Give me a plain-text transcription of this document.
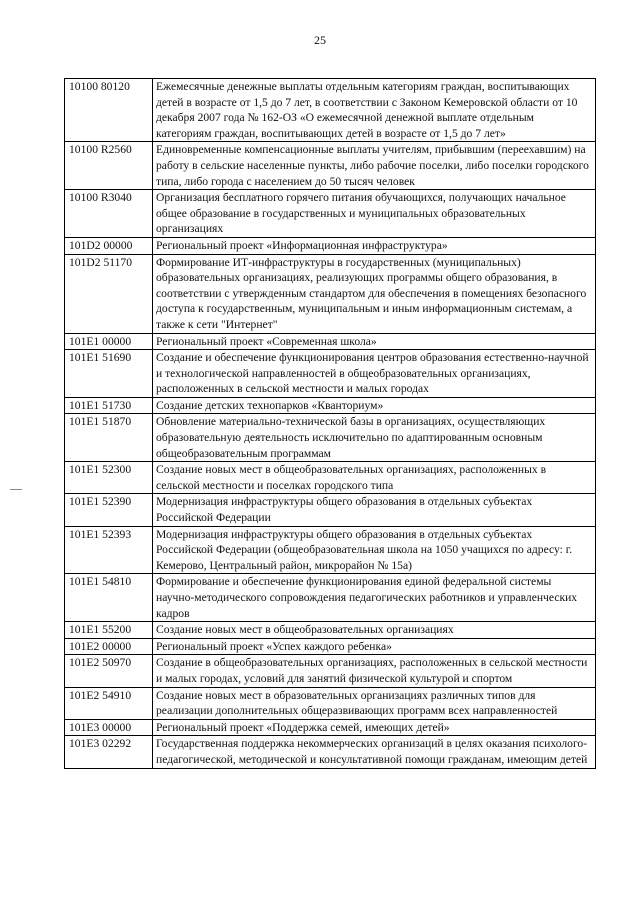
25
10100 80120	Ежемесячные денежные выплаты отдельным категориям граждан, воспитывающих детей в возрасте от 1,5 до 7 лет, в соответствии с Законом Кемеровской области от 10 декабря 2007 года № 162-ОЗ «О ежемесячной денежной выплате отдельным категориям граждан, воспитывающих детей в возрасте от 1,5 до 7 лет»
10100 R2560	Единовременные компенсационные выплаты учителям, прибывшим (переехавшим) на работу в сельские населенные пункты, либо рабочие поселки, либо поселки городского типа, либо города с населением до 50 тысяч человек
10100 R3040	Организация бесплатного горячего питания обучающихся, получающих начальное общее образование в государственных и муниципальных образовательных организациях
101D2 00000	Региональный проект «Информационная инфраструктура»
101D2 51170	Формирование ИТ-инфраструктуры в государственных (муниципальных) образовательных организациях, реализующих программы общего образования, в соответствии с утвержденным стандартом для обеспечения в помещениях безопасного доступа к государственным, муниципальным и иным информационным системам, а также к сети "Интернет"
101E1 00000	Региональный проект «Современная школа»
101E1 51690	Создание и обеспечение функционирования центров образования естественно-научной и технологической направленностей в общеобразовательных организациях, расположенных в сельской местности и малых городах
101E1 51730	Создание детских технопарков «Кванториум»
101E1 51870	Обновление материально-технической базы в организациях, осуществляющих образовательную деятельность исключительно по адаптированным основным общеобразовательным программам
101E1 52300	Создание новых мест в общеобразовательных организациях, расположенных в сельской местности и поселках городского типа
101E1 52390	Модернизация инфраструктуры общего образования в отдельных субъектах Российской Федерации
101E1 52393	Модернизация инфраструктуры общего образования в отдельных субъектах Российской Федерации (общеобразовательная школа на 1050 учащихся по адресу: г. Кемерово, Центральный район, микрорайон № 15а)
101E1 54810	Формирование и обеспечение функционирования единой федеральной системы научно-методического сопровождения педагогических работников и управленческих кадров
101E1 55200	Создание новых мест в общеобразовательных организациях
101E2 00000	Региональный проект «Успех каждого ребенка»
101E2 50970	Создание в общеобразовательных организациях, расположенных в сельской местности и малых городах, условий для занятий физической культурой и спортом
101E2 54910	Создание новых мест в образовательных организациях различных типов для реализации дополнительных общеразвивающих программ всех направленностей
101E3 00000	Региональный проект «Поддержка семей, имеющих детей»
101E3 02292	Государственная поддержка некоммерческих организаций в целях оказания психолого-педагогической, методической и консультативной помощи гражданам, имеющим детей
